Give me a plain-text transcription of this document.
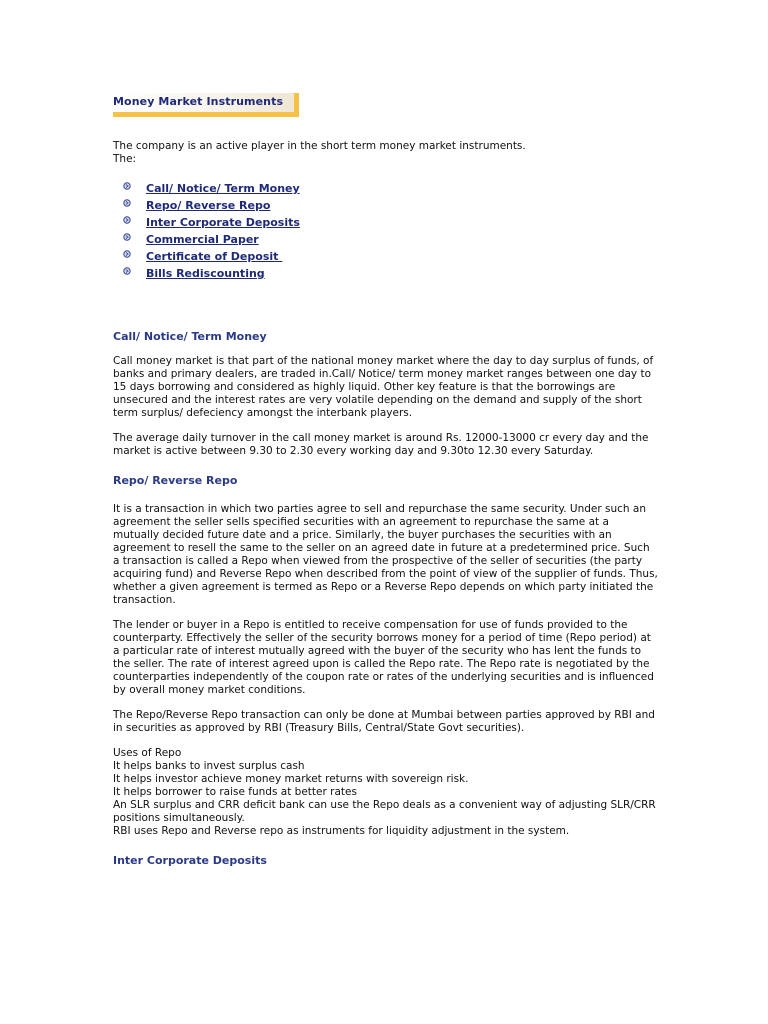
Money Market Instruments

The company is an active player in the short term money market instruments.

The:

Call/ Notice/ Term Money
Repo/ Reverse Repo
Inter Corporate Deposits
Commercial Paper
Certificate of Deposit
Bills Rediscounting
Call/ Notice/ Term Money

Call money market is that part of the national money market where the day to day surplus of funds, of banks and primary dealers, are traded in.Call/ Notice/ term money market ranges between one day to 15 days borrowing and considered as highly liquid. Other key feature is that the borrowings are unsecured and the interest rates are very volatile depending on the demand and supply of the short term surplus/ defeciency amongst the interbank players.

The average daily turnover in the call money market is around Rs. 12000-13000 cr every day and the market is active between 9.30 to 2.30 every working day and 9.30to 12.30 every Saturday.

Repo/ Reverse Repo

It is a transaction in which two parties agree to sell and repurchase the same security. Under such an agreement the seller sells specified securities with an agreement to repurchase the same at a mutually decided future date and a price. Similarly, the buyer purchases the securities with an agreement to resell the same to the seller on an agreed date in future at a predetermined price. Such a transaction is called a Repo when viewed from the prospective of the seller of securities (the party acquiring fund) and Reverse Repo when described from the point of view of the supplier of funds. Thus, whether a given agreement is termed as Repo or a Reverse Repo depends on which party initiated the transaction.

The lender or buyer in a Repo is entitled to receive compensation for use of funds provided to the counterparty. Effectively the seller of the security borrows money for a period of time (Repo period) at a particular rate of interest mutually agreed with the buyer of the security who has lent the funds to the seller. The rate of interest agreed upon is called the Repo rate. The Repo rate is negotiated by the counterparties independently of the coupon rate or rates of the underlying securities and is influenced by overall money market conditions.

The Repo/Reverse Repo transaction can only be done at Mumbai between parties approved by RBI and in securities as approved by RBI (Treasury Bills, Central/State Govt securities).

Uses of Repo

It helps banks to invest surplus cash

It helps investor achieve money market returns with sovereign risk.

It helps borrower to raise funds at better rates

An SLR surplus and CRR deficit bank can use the Repo deals as a convenient way of adjusting SLR/CRR positions simultaneously.

RBI uses Repo and Reverse repo as instruments for liquidity adjustment in the system.

Inter Corporate Deposits
